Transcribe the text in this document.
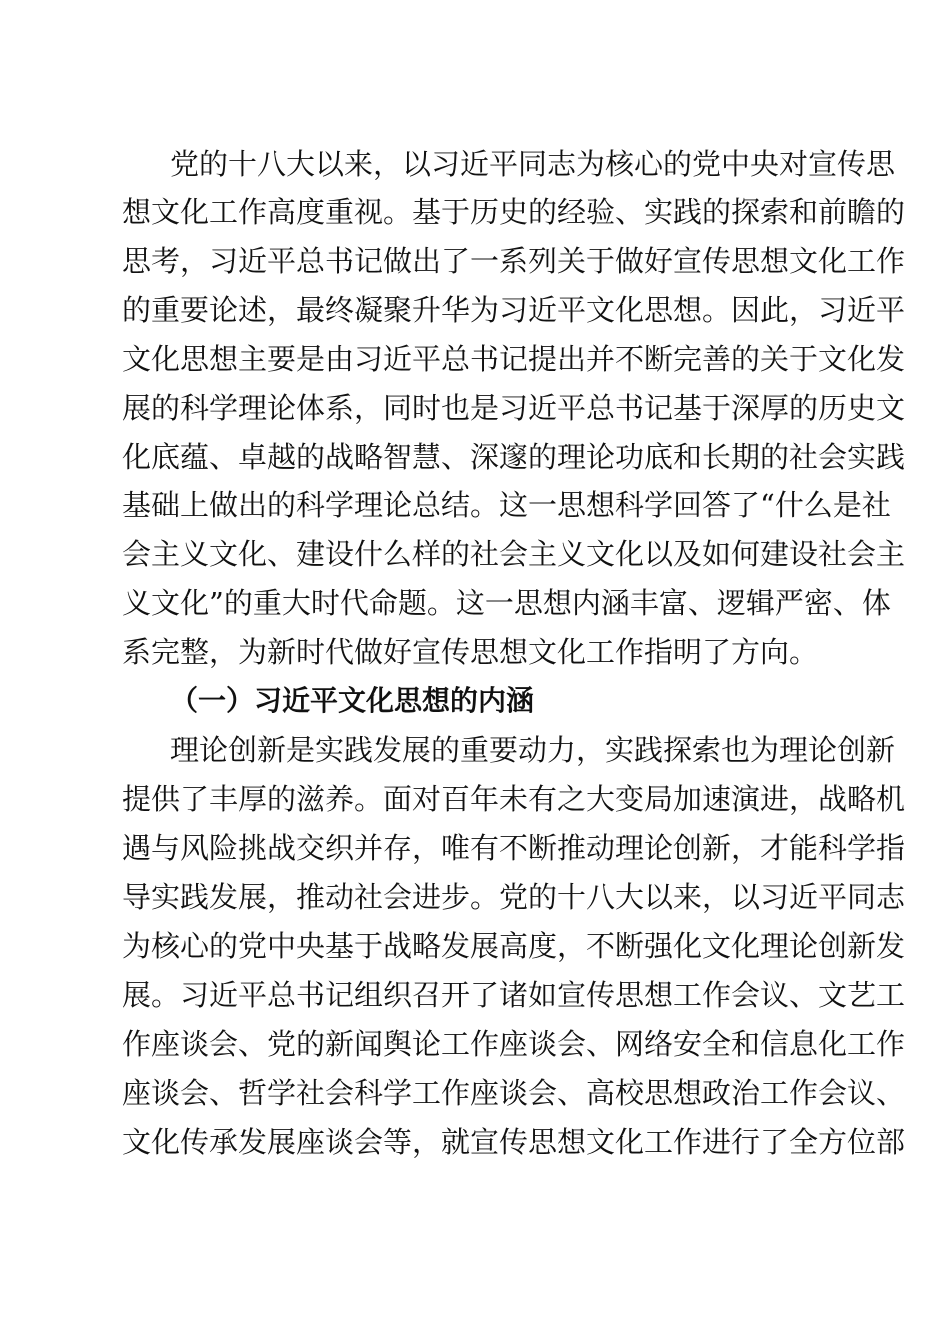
党的十八大以来，以习近平同志为核心的党中央对宣传思
想文化工作高度重视。基于历史的经验、实践的探索和前瞻的
思考，习近平总书记做出了一系列关于做好宣传思想文化工作
的重要论述，最终凝聚升华为习近平文化思想。因此，习近平
文化思想主要是由习近平总书记提出并不断完善的关于文化发
展的科学理论体系，同时也是习近平总书记基于深厚的历史文
化底蕴、卓越的战略智慧、深邃的理论功底和长期的社会实践
基础上做出的科学理论总结。这一思想科学回答了“什么是社
会主义文化、建设什么样的社会主义文化以及如何建设社会主
义文化”的重大时代命题。这一思想内涵丰富、逻辑严密、体
系完整，为新时代做好宣传思想文化工作指明了方向。
（一）习近平文化思想的内涵
理论创新是实践发展的重要动力，实践探索也为理论创新
提供了丰厚的滋养。面对百年未有之大变局加速演进，战略机
遇与风险挑战交织并存，唯有不断推动理论创新，才能科学指
导实践发展，推动社会进步。党的十八大以来，以习近平同志
为核心的党中央基于战略发展高度，不断强化文化理论创新发
展。习近平总书记组织召开了诸如宣传思想工作会议、文艺工
作座谈会、党的新闻舆论工作座谈会、网络安全和信息化工作
座谈会、哲学社会科学工作座谈会、高校思想政治工作会议、
文化传承发展座谈会等，就宣传思想文化工作进行了全方位部
